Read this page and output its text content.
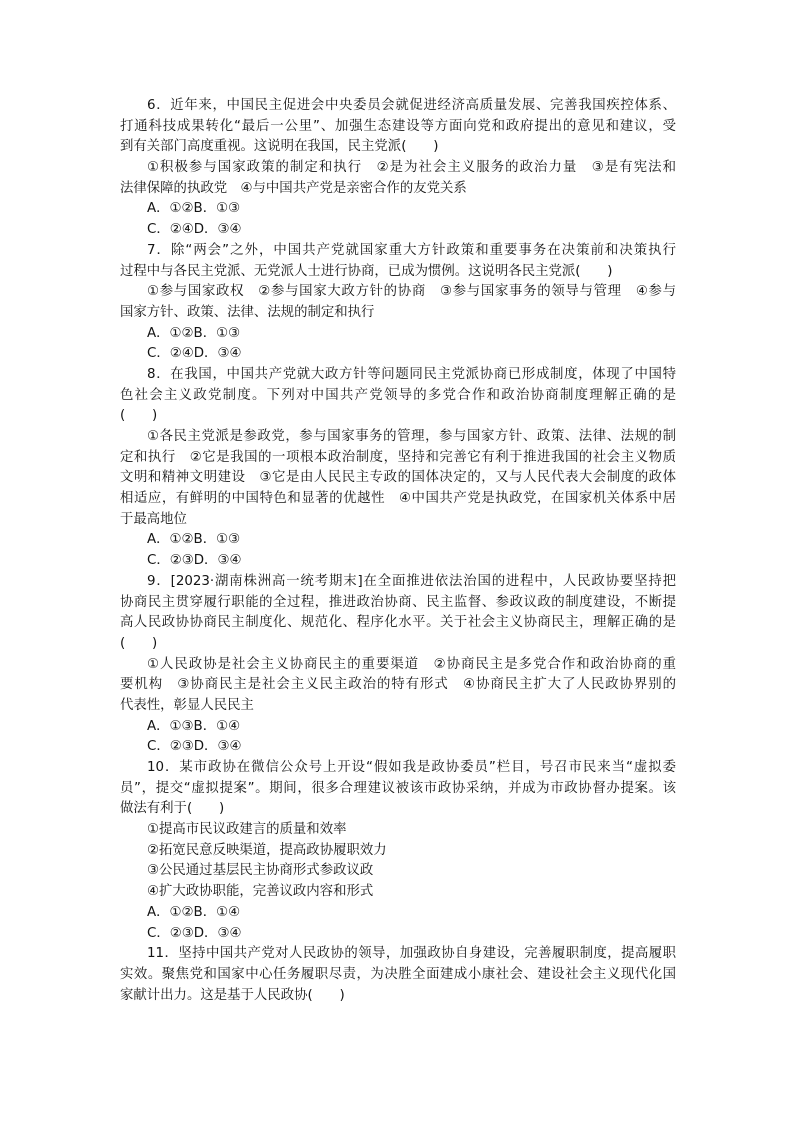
6．近年来，中国民主促进会中央委员会就促进经济高质量发展、完善我国疾控体系、
打通科技成果转化“最后一公里”、加强生态建设等方面向党和政府提出的意见和建议，受
到有关部门高度重视。这说明在我国，民主党派(　　)
①积极参与国家政策的制定和执行　②是为社会主义服务的政治力量　③是有宪法和
法律保障的执政党　④与中国共产党是亲密合作的友党关系
A．①②B．①③
C．②④D．③④
7．除“两会”之外，中国共产党就国家重大方针政策和重要事务在决策前和决策执行
过程中与各民主党派、无党派人士进行协商，已成为惯例。这说明各民主党派(　　)
①参与国家政权　②参与国家大政方针的协商　③参与国家事务的领导与管理　④参与
国家方针、政策、法律、法规的制定和执行
A．①②B．①③
C．②④D．③④
8．在我国，中国共产党就大政方针等问题同民主党派协商已形成制度，体现了中国特
色社会主义政党制度。下列对中国共产党领导的多党合作和政治协商制度理解正确的是
(　　)
①各民主党派是参政党，参与国家事务的管理，参与国家方针、政策、法律、法规的制
定和执行　②它是我国的一项根本政治制度，坚持和完善它有利于推进我国的社会主义物质
文明和精神文明建设　③它是由人民民主专政的国体决定的，又与人民代表大会制度的政体
相适应，有鲜明的中国特色和显著的优越性　④中国共产党是执政党，在国家机关体系中居
于最高地位
A．①②B．①③
C．②③D．③④
9．[2023·湖南株洲高一统考期末]在全面推进依法治国的进程中，人民政协要坚持把
协商民主贯穿履行职能的全过程，推进政治协商、民主监督、参政议政的制度建设，不断提
高人民政协协商民主制度化、规范化、程序化水平。关于社会主义协商民主，理解正确的是
(　　)
①人民政协是社会主义协商民主的重要渠道　②协商民主是多党合作和政治协商的重
要机构　③协商民主是社会主义民主政治的特有形式　④协商民主扩大了人民政协界别的
代表性，彰显人民民主
A．①③B．①④
C．②③D．③④
10．某市政协在微信公众号上开设“假如我是政协委员”栏目，号召市民来当“虚拟委
员”，提交“虚拟提案”。期间，很多合理建议被该市政协采纳，并成为市政协督办提案。该
做法有利于(　　)
①提高市民议政建言的质量和效率
②拓宽民意反映渠道，提高政协履职效力
③公民通过基层民主协商形式参政议政
④扩大政协职能，完善议政内容和形式
A．①②B．①④
C．②③D．③④
11．坚持中国共产党对人民政协的领导，加强政协自身建设，完善履职制度，提高履职
实效。聚焦党和国家中心任务履职尽责，为决胜全面建成小康社会、建设社会主义现代化国
家献计出力。这是基于人民政协(　　)
